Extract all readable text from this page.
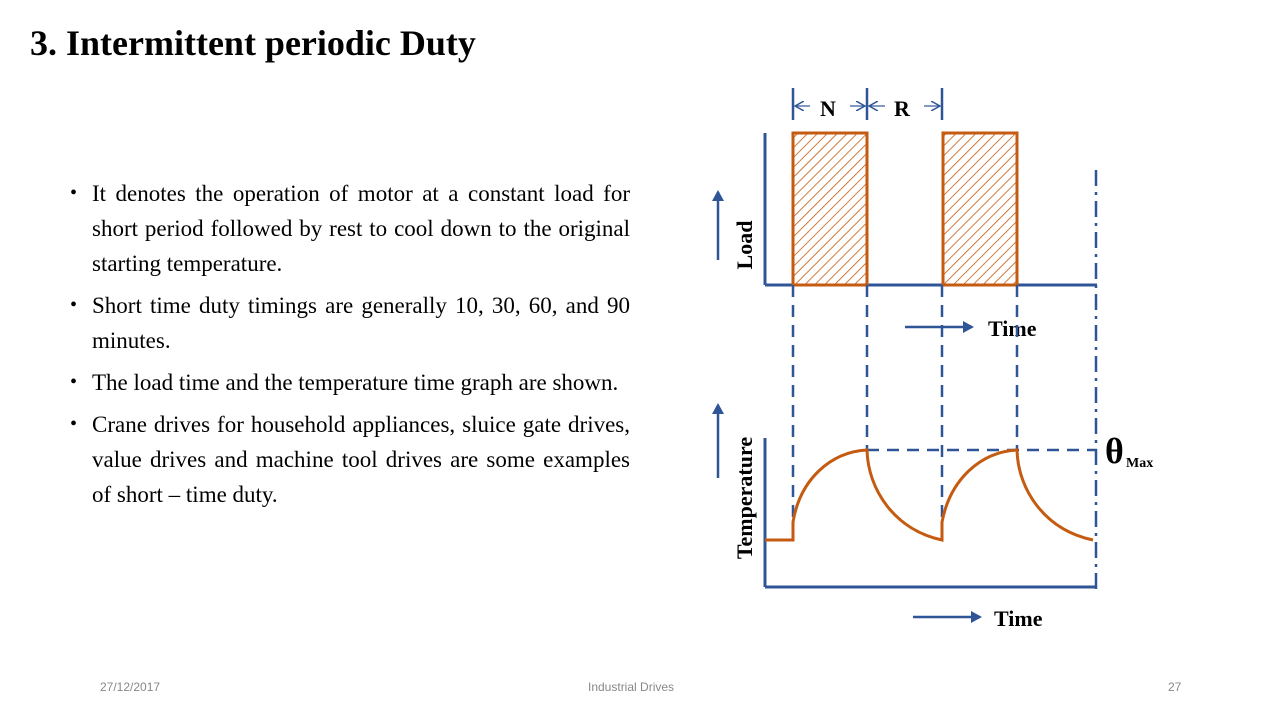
3. Intermittent periodic Duty
• It denotes the operation of motor at a constant load for short period followed by rest to cool down to the original starting temperature.
• Short time duty timings are generally 10, 30, 60, and 90 minutes.
• The load time and the temperature time graph are shown.
• Crane drives for household appliances, sluice gate drives, value drives and machine tool drives are some examples of short – time duty.
N	R
Load
Time
Temperature
Time
θ Max
27/12/2017	Industrial Drives	27
